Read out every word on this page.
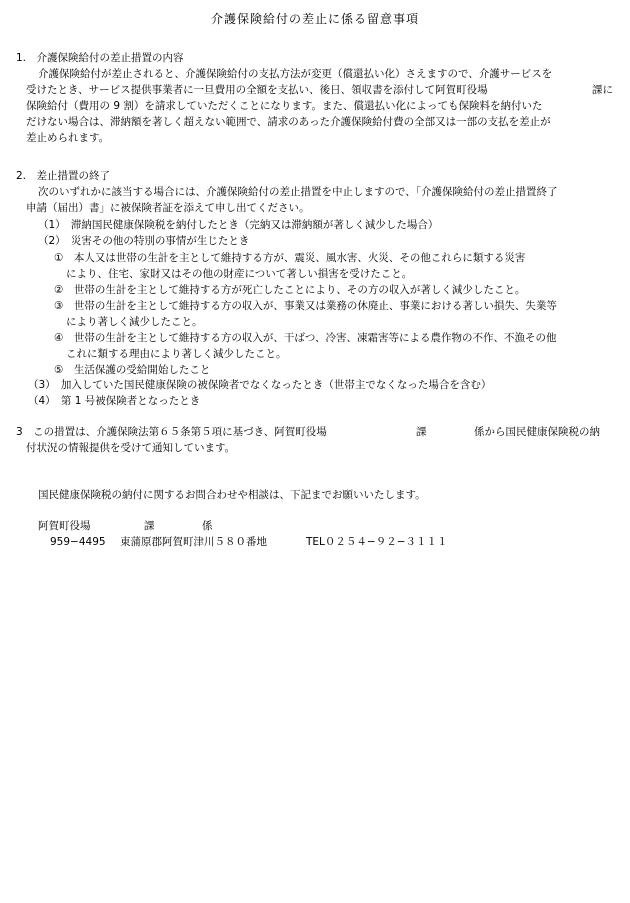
介護保険給付の差止に係る留意事項
1.　介護保険給付の差止措置の内容
介護保険給付が差止されると、介護保険給付の支払方法が変更（償還払い化）さえますので、介護サービスを
受けたとき、サービス提供事業者に一旦費用の全額を支払い、後日、領収書を添付して阿賀町役場	課に
保険給付（費用の 9 割）を請求していただくことになります。また、償還払い化によっても保険料を納付いた
だけない場合は、滞納額を著しく超えない範囲で、請求のあった介護保険給付費の全部又は一部の支払を差止が
差止められます。
2.　差止措置の終了
次のいずれかに該当する場合には、介護保険給付の差止措置を中止しますので、「介護保険給付の差止措置終了
申請（届出）書」に被保険者証を添えて申し出てください。
（1）　滞納国民健康保険税を納付したとき（完納又は滞納額が著しく減少した場合）
（2）　災害その他の特別の事情が生じたとき
①　本人又は世帯の生計を主として維持する方が、震災、風水害、火災、その他これらに類する災害
により、住宅、家財又はその他の財産について著しい損害を受けたこと。
②　世帯の生計を主として維持する方が死亡したことにより、その方の収入が著しく減少したこと。
③　世帯の生計を主として維持する方の収入が、事業又は業務の休廃止、事業における著しい損失、失業等
により著しく減少したこと。
④　世帯の生計を主として維持する方の収入が、干ばつ、冷害、凍霜害等による農作物の不作、不漁その他
これに類する理由により著しく減少したこと。
⑤　生活保護の受給開始したこと
（3）　加入していた国民健康保険の被保険者でなくなったとき（世帯主でなくなった場合を含む）
（4）　第 1 号被保険者となったとき
3　この措置は、介護保険法第６５条第５項に基づき、阿賀町役場	課	係から国民健康保険税の納
付状況の情報提供を受けて通知しています。
国民健康保険税の納付に関するお問合わせや相談は、下記までお願いいたします。
阿賀町役場	課	係
959−4495 東蒲原郡阿賀町津川５８０番地	TEL０２５４−９２−３１１１
